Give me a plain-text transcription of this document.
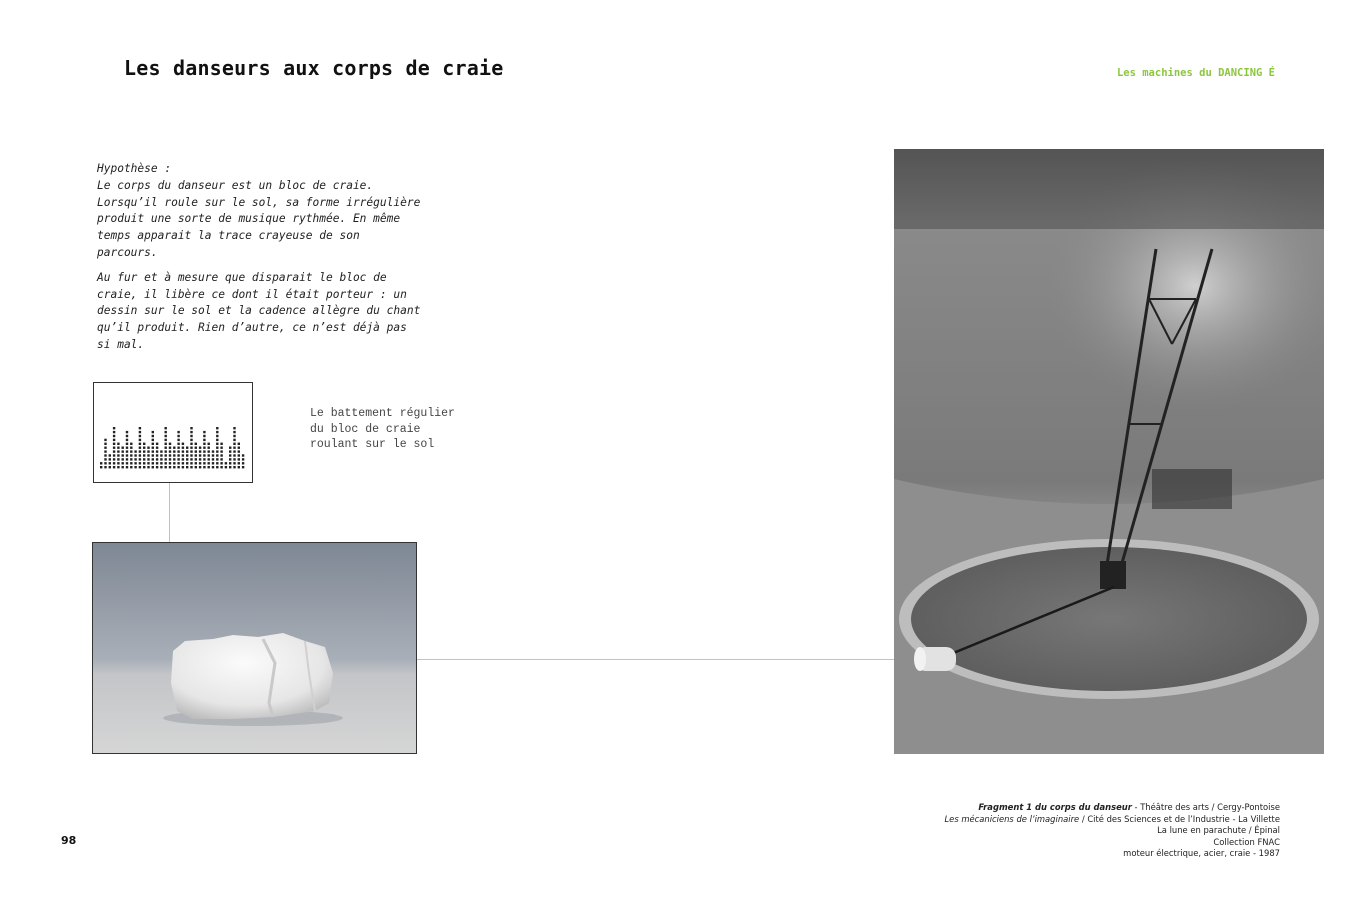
Les danseurs aux corps de craie	Les machines du DANCING É

Hypothèse :
Le corps du danseur est un bloc de craie.
Lorsqu’il roule sur le sol, sa forme irrégulière
produit une sorte de musique rythmée. En même
temps apparait la trace crayeuse de son
parcours.

Au fur et à mesure que disparait le bloc de
craie, il libère ce dont il était porteur : un
dessin sur le sol et la cadence allègre du chant
qu’il produit. Rien d’autre, ce n’est déjà pas
si mal.

Le battement régulier
du bloc de craie
roulant sur le sol
Fragment 1 du corps du danseur - Théâtre des arts / Cergy-Pontoise
Les mécaniciens de l’imaginaire / Cité des Sciences et de l’Industrie - La Villette
La lune en parachute / Épinal
Collection FNAC
moteur électrique, acier, craie - 1987
98
